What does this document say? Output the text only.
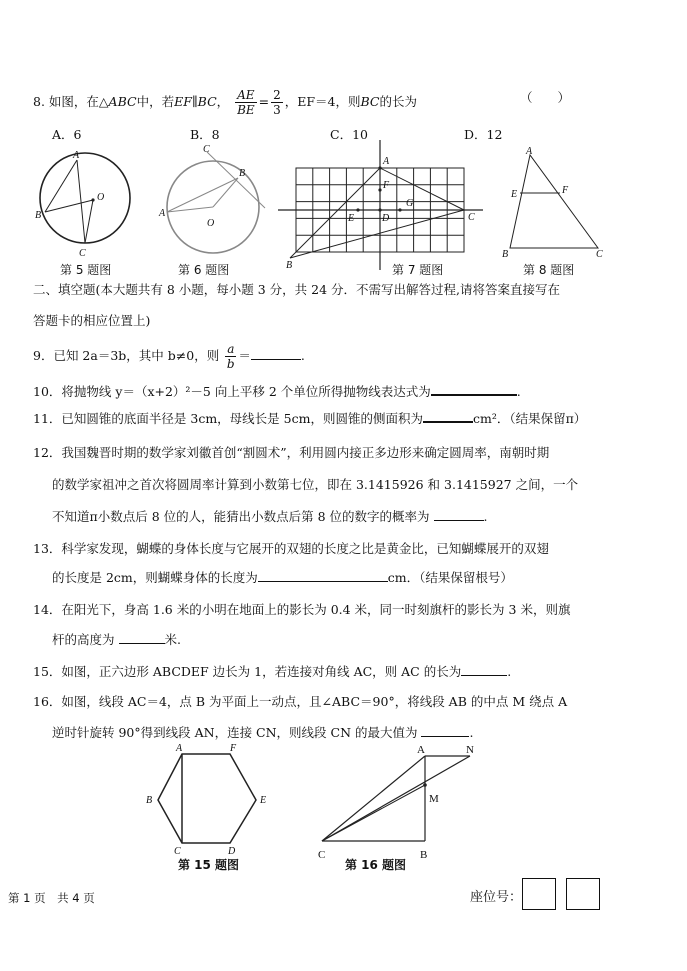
8. 如图，在△ABC中，若EF∥BC， $\frac{AE}{BE} = \frac{2}{3}$ ，EF＝4，则BC的长为	（　　）
A．6	B．8	C．10	D．12
A
O
B
C
第 5 题图
C
B
A
O
第 6 题图
A
F
G
E	D	C
B	第 7 题图
A
E	F
B	C
第 8 题图
二、填空题(本大题共有 8 小题，每小题 3 分，共 24 分．不需写出解答过程,请将答案直接写在
答题卡的相应位置上)
9．已知 2a＝3b，其中 b≠0，则 $\frac{a}{b}$ ＝	.
10．将抛物线 y＝（x+2）²－5 向上平移 2 个单位所得抛物线表达式为	.
11．已知圆锥的底面半径是 3cm，母线长是 5cm，则圆锥的侧面积为	cm²．（结果保留π）
12．我国魏晋时期的数学家刘徽首创“割圆术”，利用圆内接正多边形来确定圆周率，南朝时期
的数学家祖冲之首次将圆周率计算到小数第七位，即在 3.1415926 和 3.1415927 之间，一个
不知道π小数点后 8 位的人，能猜出小数点后第 8 位的数字的概率为	.
13．科学家发现，蝴蝶的身体长度与它展开的双翅的长度之比是黄金比，已知蝴蝶展开的双翅
的长度是 2cm，则蝴蝶身体的长度为	cm．（结果保留根号）
14．在阳光下，身高 1.6 米的小明在地面上的影长为 0.4 米，同一时刻旗杆的影长为 3 米，则旗
杆的高度为	米.
15．如图，正六边形 ABCDEF 边长为 1，若连接对角线 AC，则 AC 的长为	.
16．如图，线段 AC＝4，点 B 为平面上一动点，且∠ABC＝90°，将线段 AB 的中点 M 绕点 A
逆时针旋转 90°得到线段 AN，连接 CN，则线段 CN 的最大值为	.
A	F
B	E
C	D
第 15 题图
A	N
M
C	B
第 16 题图
第 1 页　共 4 页	座位号：
